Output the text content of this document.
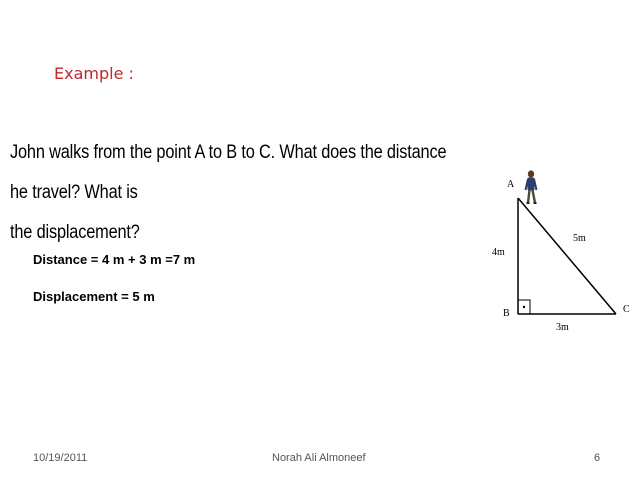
Example :
John walks from the point A to B to C. What does the distance he travel? What is
the displacement?
Distance = 4 m + 3 m =7 m
Displacement = 5 m
A
B	C
4m
5m
3m
10/19/2011	Norah Ali Almoneef	6
